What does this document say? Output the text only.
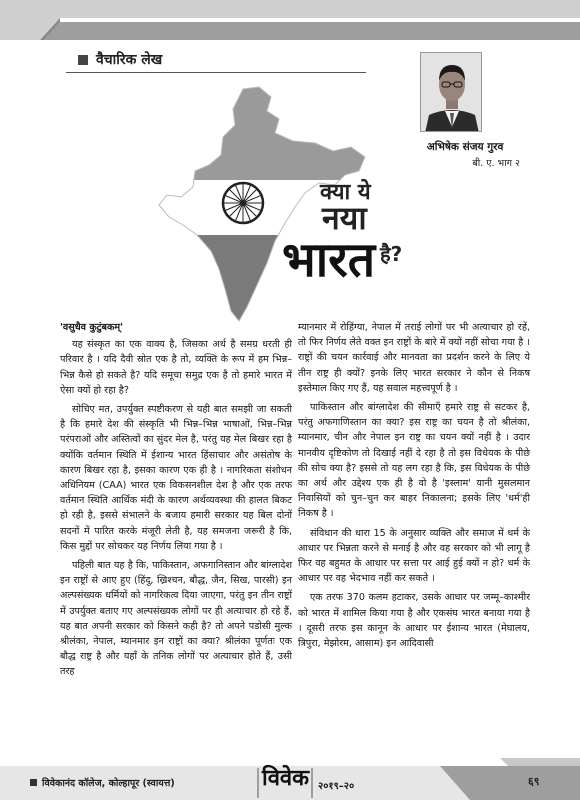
वैचारिक लेख
अभिषेक संजय गुरव
बी. ए. भाग २
क्या ये
नया
भारत है?
'वसुधैव कुटुंबकम्'

यह संस्कृत का एक वाक्य है, जिसका अर्थ है समग्र धरती ही परिवार है । यदि दैवी स्रोत एक है तो, व्यक्ति के रूप में हम भिन्न–भिन्न कैसे हो सकते है? यदि समूचा समुद्र एक है तो हमारे भारत में ऐसा क्यों हो रहा है?

सोचिए मत, उपर्युक्त स्पष्टीकरण से यही बात समझी जा सकती है कि हमारे देश की संस्कृति भी भिन्न–भिन्न भाषाओं, भिन्न–भिन्न परंपराओं और अस्तित्वों का सुंदर मेल है, परंतु यह मेल बिखर रहा है क्योंकि वर्तमान स्थिति में ईशान्य भारत हिंसाचार और असंतोष के कारण बिखर रहा है, इसका कारण एक ही है । नागरिकता संशोधन अधिनियम (CAA) भारत एक विकसनशील देश है और एक तरफ वर्तमान स्थिति आर्थिक मंदी के कारण अर्थव्यवस्था की हालत बिकट हो रही है, इससे संभालने के बजाय हमारी सरकार यह बिल दोनों सदनों में पारित करके मंजूरी लेती है, यह समजना जरूरी है कि, किस मुद्दों पर सोचकर यह निर्णय लिया गया है ।

पहिली बात यह है कि, पाकिस्तान, अफगानिस्तान और बांग्लादेश इन राष्ट्रों से आए हुए (हिंदु, ख्रिश्चन, बौद्ध, जैन, सिख, पारसी) इन अल्पसंख्यक धर्मियों को नागरिकत्व दिया जाएगा, परंतु इन तीन राष्ट्रों में उपर्युक्त बताए गए अल्पसंख्यक लोगों पर ही अत्याचार हो रहे हैं, यह बात अपनी सरकार को किसने कही है? तो अपने पडोसी मुल्क श्रीलंका, नेपाल, म्यानमार इन राष्ट्रों का क्या? श्रीलंका पूर्णतः एक बौद्ध राष्ट्र है और यहाँ के तनिक लोगों पर अत्याचार होते हैं, उसी तरह

म्यानमार में रोहिंग्या, नेपाल में तराई लोगों पर भी अत्याचार हो रहें, तो फिर निर्णय लेते वक्त इन राष्ट्रों के बारे में क्यों नहीं सोचा गया है । राष्ट्रों की चयन कार्रवाई और मानवता का प्रदर्शन करने के लिए ये तीन राष्ट्र ही क्यों? इनके लिए भारत सरकार ने कौन से निकष इस्तेमाल किए गए हैं, यह सवाल महत्त्वपूर्ण है ।

पाकिस्तान और बांग्लादेश की सीमाएँ हमारे राष्ट्र से सटकर है, परंतु अफगाणिस्तान का क्या? इस राष्ट्र का चयन है तो श्रीलंका, म्यानमार, चीन और नेपाल इन राष्ट्र का चयन क्यों नहीं है । उदार मानवीय दृष्टिकोण तो दिखाई नहीं दे रहा है तो इस विधेयक के पीछे की सोच क्या है? इससे तो यह लग रहा है कि, इस विधेयक के पीछे का अर्थ और उद्देश्य एक ही है वो है 'इस्लाम' यानी मुसलमान निवासियों को चुन–चुन कर बाहर निकालना; इसके लिए 'धर्म'ही निकष है ।

संविधान की धारा 15 के अनुसार व्यक्ति और समाज में धर्म के आधार पर भिन्नता करने से मनाई है और वह सरकार को भी लागू है फिर वह बहुमत के आधार पर सत्ता पर आई हुई क्यों न हो? धर्म के आधार पर वह भेदभाव नहीं कर सकते ।

एक तरफ 370 कलम हटाकर, उसके आधार पर जम्मू–काश्मीर को भारत में शामिल किया गया है और एकसंघ भारत बनाया गया है । दूसरी तरफ इस कानून के आधार पर ईशान्य भारत (मेघालय, त्रिपुरा, मेझोरम, आसाम) इन आदिवासी

विवेकानंद कॉलेज, कोल्हापूर (स्वायत्त)	विवेक २०१९–२०	६९
